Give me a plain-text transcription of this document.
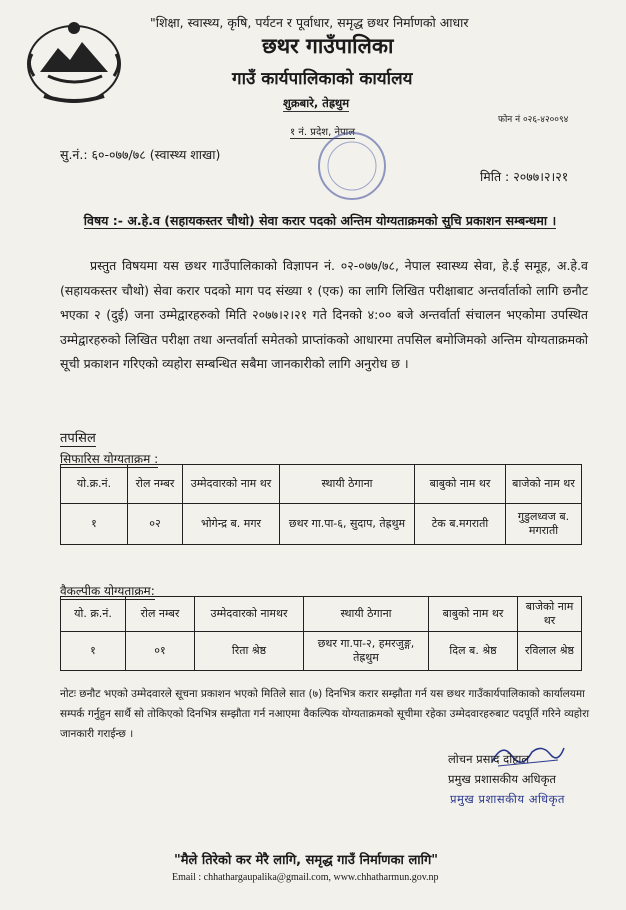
"शिक्षा, स्वास्थ्य, कृषि, पर्यटन र पूर्वाधार, समृद्ध छथर निर्माणको आधार
छथर गाउँपालिका
गाउँ कार्यपालिकाको कार्यालय
शुक्रबारे, तेह्रथुम
फोन नं ०२६-४२००९४
१ नं. प्रदेश, नेपाल
सु.नं.: ६०-०७७/७८ (स्वास्थ्य शाखा)
मिति : २०७७।२।२१
विषय :- अ.हे.व (सहायकस्तर चौथो) सेवा करार पदको अन्तिम योग्यताक्रमको सुचि प्रकाशन सम्बन्धमा ।
प्रस्तुत विषयमा यस छथर गाउँपालिकाको विज्ञापन नं. ०२-०७७/७८, नेपाल स्वास्थ्य सेवा, हे.ई समूह, अ.हे.व (सहायकस्तर चौथो) सेवा करार पदको माग पद संख्या १ (एक) का लागि लिखित परीक्षाबाट अन्तर्वार्ताको लागि छनौट भएका २ (दुई) जना उम्मेद्वारहरुको मिति २०७७।२।२१ गते दिनको ४:०० बजे अन्तर्वार्ता संचालन भएकोमा उपस्थित उम्मेद्वारहरुको लिखित परीक्षा तथा अन्तर्वार्ता समेतको प्राप्तांकको आधारमा तपसिल बमोजिमको अन्तिम योग्यताक्रमको सूची प्रकाशन गरिएको व्यहोरा सम्बन्धित सबैमा जानकारीको लागि अनुरोध छ ।
तपसिल
सिफारिस योग्यताक्रम :
यो.क्र.नं.	रोल नम्बर	उम्मेदवारको नाम थर	स्थायी ठेगाना	बाबुको नाम थर	बाजेको नाम थर
१	०२	भोगेन्द्र ब. मगर	छथर गा.पा-६, सुदाप, तेह्रथुम	टेक ब.मगराती	गुडुलध्वज ब. मगराती
वैकल्पीक योग्यताक्रम:
यो. क्र.नं.	रोल नम्बर	उम्मेदवारको नामथर	स्थायी ठेगाना	बाबुको नाम थर	बाजेको नाम थर
१	०१	रिता श्रेष्ठ	छथर गा.पा-२, हमरजुङ्ग, तेह्रथुम	दिल ब. श्रेष्ठ	रविलाल श्रेष्ठ
नोटः छनौट भएको उम्मेदवारले सूचना प्रकाशन भएको मितिले सात (७) दिनभित्र करार सम्झौता गर्न यस छथर गाउँकार्यपालिकाको कार्यालयमा सम्पर्क गर्नुहुन सार्थै सो तोकिएको दिनभित्र सम्झौता गर्न नआएमा वैकल्पिक योग्यताक्रमको सूचीमा रहेका उम्मेदवारहरुबाट पदपूर्ति गरिने व्यहोरा जानकारी गराईन्छ ।
लोचन प्रसाद दोहाल
प्रमुख प्रशासकीय अधिकृत
प्रमुख प्रशासकीय अधिकृत
"मैले तिरेको कर मेरै लागि, समृद्ध गाउँ निर्माणका लागि"
Email : chhathargaupalika@gmail.com, www.chhatharmun.gov.np
